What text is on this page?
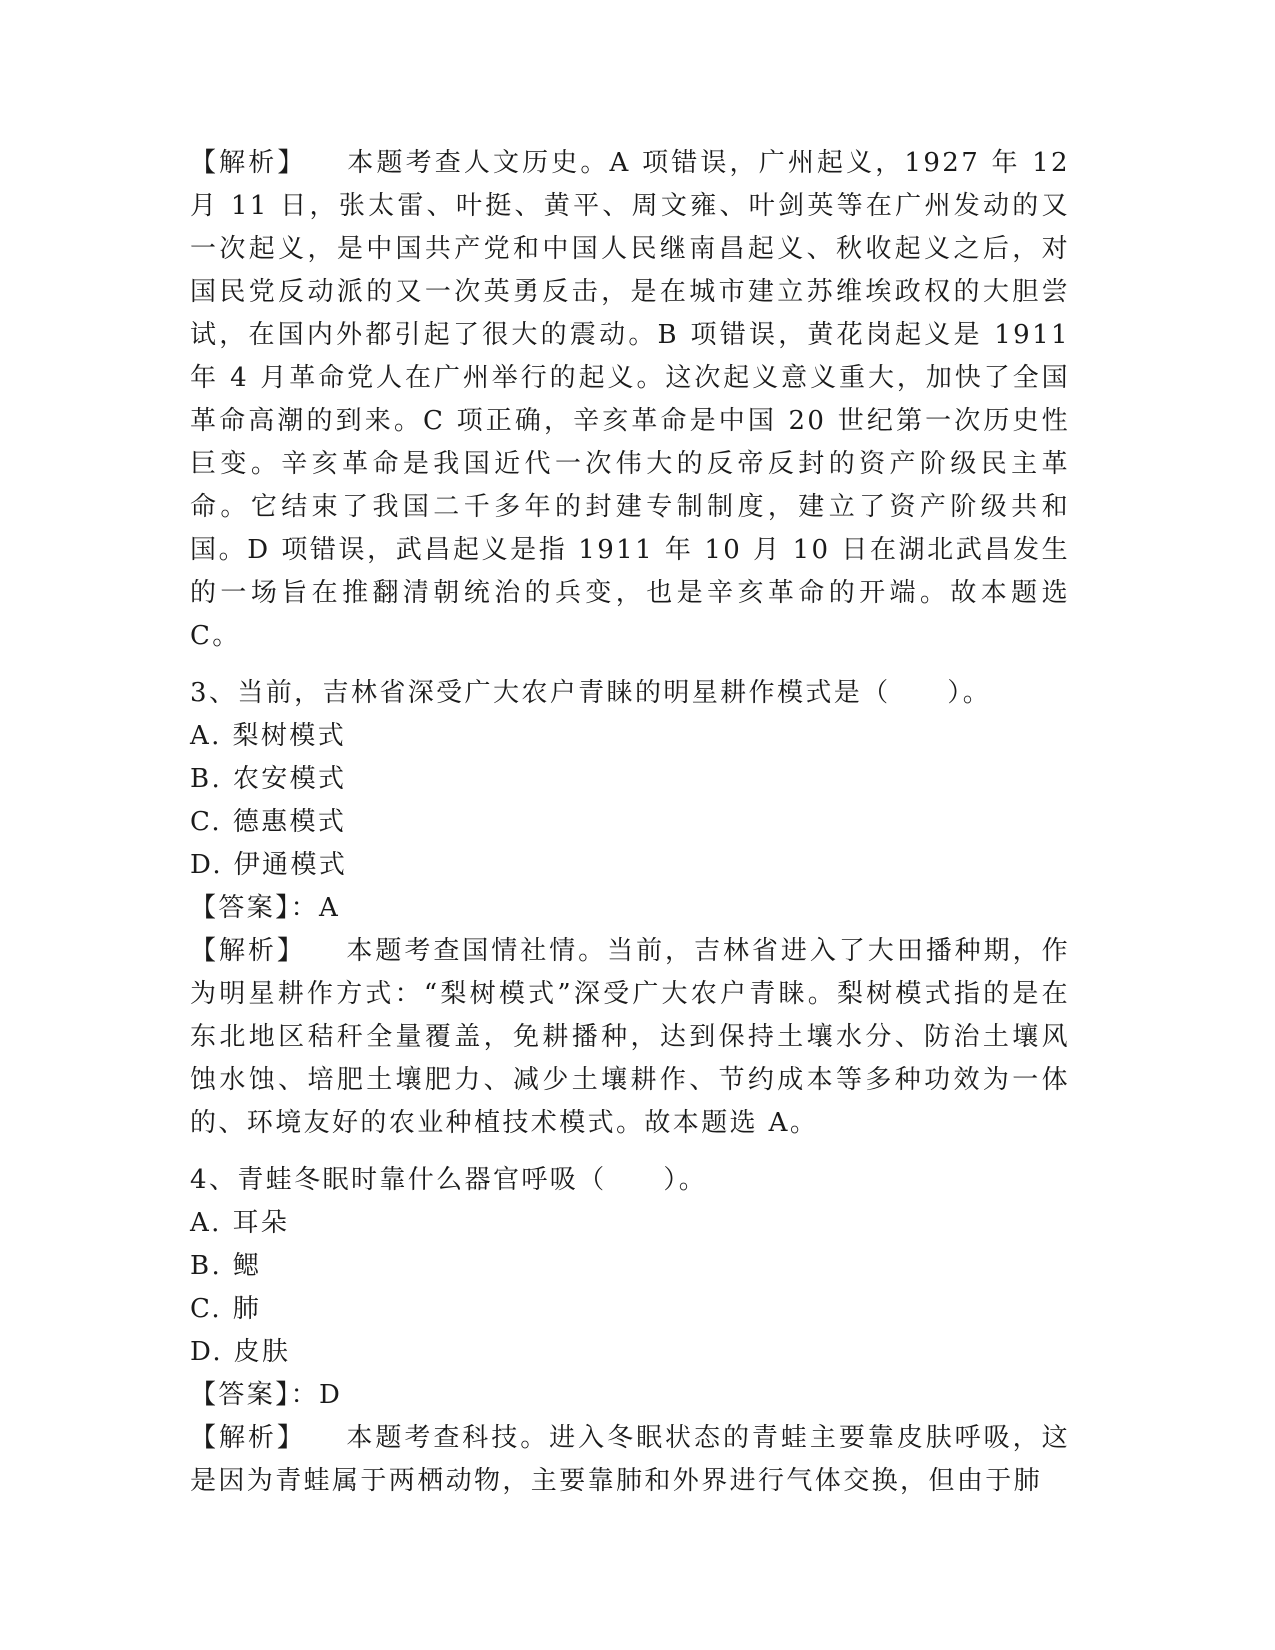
【解析】 本题考查人文历史。A 项错误，广州起义，1927 年 12 月 11 日，张太雷、叶挺、黄平、周文雍、叶剑英等在广州发动的又一次起义，是中国共产党和中国人民继南昌起义、秋收起义之后，对国民党反动派的又一次英勇反击，是在城市建立苏维埃政权的大胆尝试，在国内外都引起了很大的震动。B 项错误，黄花岗起义是 1911 年 4 月革命党人在广州举行的起义。这次起义意义重大，加快了全国革命高潮的到来。C 项正确，辛亥革命是中国 20 世纪第一次历史性巨变。辛亥革命是我国近代一次伟大的反帝反封的资产阶级民主革命。它结束了我国二千多年的封建专制制度，建立了资产阶级共和国。D 项错误，武昌起义是指 1911 年 10 月 10 日在湖北武昌发生的一场旨在推翻清朝统治的兵变，也是辛亥革命的开端。故本题选 C。

3、当前，吉林省深受广大农户青睐的明星耕作模式是（　　）。

A. 梨树模式

B. 农安模式

C. 德惠模式

D. 伊通模式

【答案】：A

【解析】 本题考查国情社情。当前，吉林省进入了大田播种期，作为明星耕作方式：“梨树模式”深受广大农户青睐。梨树模式指的是在东北地区秸秆全量覆盖，免耕播种，达到保持土壤水分、防治土壤风蚀水蚀、培肥土壤肥力、减少土壤耕作、节约成本等多种功效为一体的、环境友好的农业种植技术模式。故本题选 A。

4、青蛙冬眠时靠什么器官呼吸（　　）。

A. 耳朵

B. 鳃

C. 肺

D. 皮肤

【答案】：D

【解析】 本题考查科技。进入冬眠状态的青蛙主要靠皮肤呼吸，这是因为青蛙属于两栖动物，主要靠肺和外界进行气体交换，但由于肺
